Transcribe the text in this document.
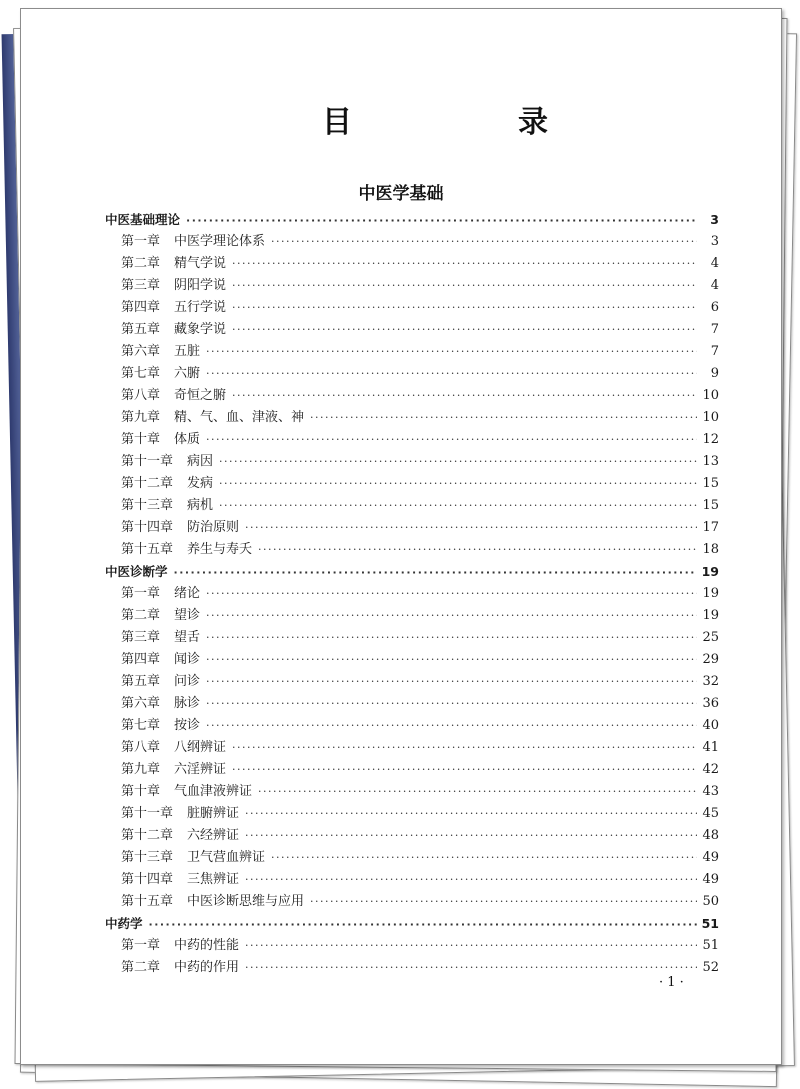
目　录
中医学基础
中医基础理论 ·····	3
第一章 中医学理论体系 ·····	3
第二章 精气学说 ·····	4
第三章 阴阳学说 ·····	4
第四章 五行学说 ·····	6
第五章 藏象学说 ·····	7
第六章 五脏 ·····	7
第七章 六腑 ·····	9
第八章 奇恒之腑 ·····	10
第九章 精、气、血、津液、神 ·····	10
第十章 体质 ·····	12
第十一章 病因 ·····	13
第十二章 发病 ·····	15
第十三章 病机 ·····	15
第十四章 防治原则 ·····	17
第十五章 养生与寿夭 ·····	18
中医诊断学 ·····	19
第一章 绪论 ·····	19
第二章 望诊 ·····	19
第三章 望舌 ·····	25
第四章 闻诊 ·····	29
第五章 问诊 ·····	32
第六章 脉诊 ·····	36
第七章 按诊 ·····	40
第八章 八纲辨证 ·····	41
第九章 六淫辨证 ·····	42
第十章 气血津液辨证 ·····	43
第十一章 脏腑辨证 ·····	45
第十二章 六经辨证 ·····	48
第十三章 卫气营血辨证 ·····	49
第十四章 三焦辨证 ·····	49
第十五章 中医诊断思维与应用 ·····	50
中药学 ·····	51
第一章 中药的性能 ·····	51
第二章 中药的作用 ·····	52
· 1 ·
